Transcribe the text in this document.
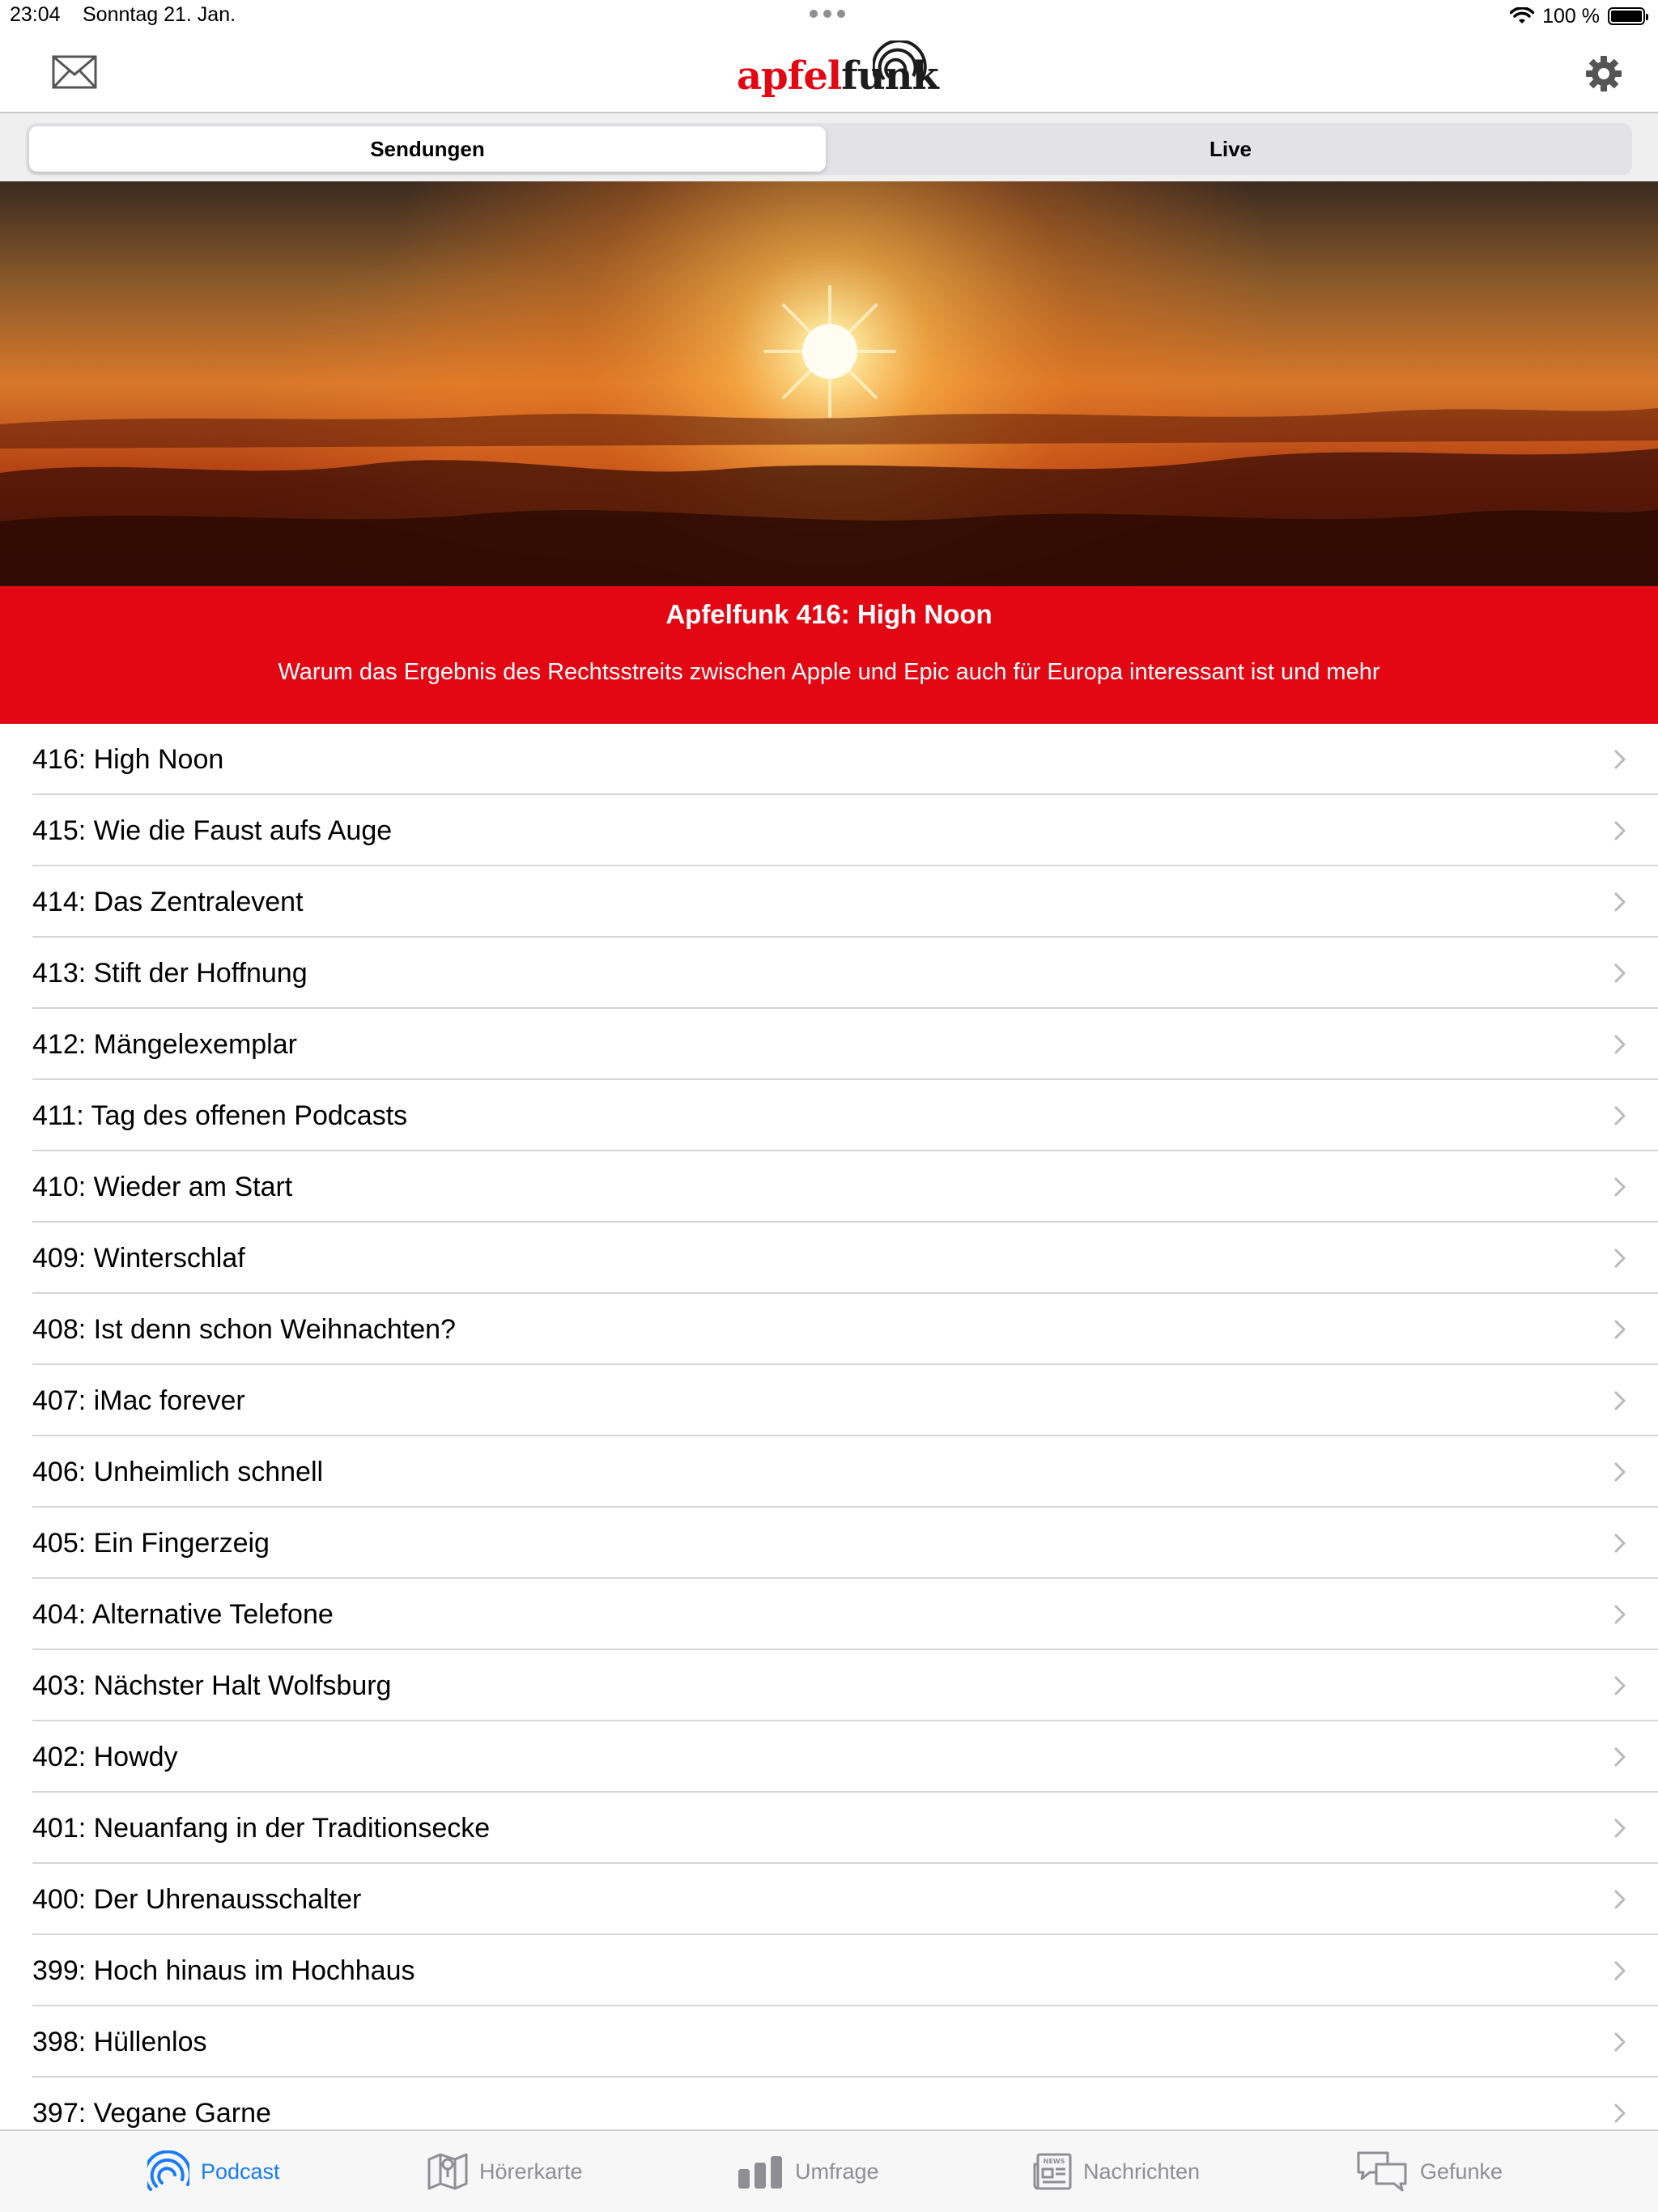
23:04 Sonntag 21. Jan.	100 %
apfelfunk
Sendungen	Live
Apfelfunk 416: High Noon
Warum das Ergebnis des Rechtsstreits zwischen Apple und Epic auch für Europa interessant ist und mehr
416: High Noon
415: Wie die Faust aufs Auge
414: Das Zentralevent
413: Stift der Hoffnung
412: Mängelexemplar
411: Tag des offenen Podcasts
410: Wieder am Start
409: Winterschlaf
408: Ist denn schon Weihnachten?
407: iMac forever
406: Unheimlich schnell
405: Ein Fingerzeig
404: Alternative Telefone
403: Nächster Halt Wolfsburg
402: Howdy
401: Neuanfang in der Traditionsecke
400: Der Uhrenausschalter
399: Hoch hinaus im Hochhaus
398: Hüllenlos
397: Vegane Garne
Podcast	Hörerkarte	Umfrage	NEWS Nachrichten	Gefunke
